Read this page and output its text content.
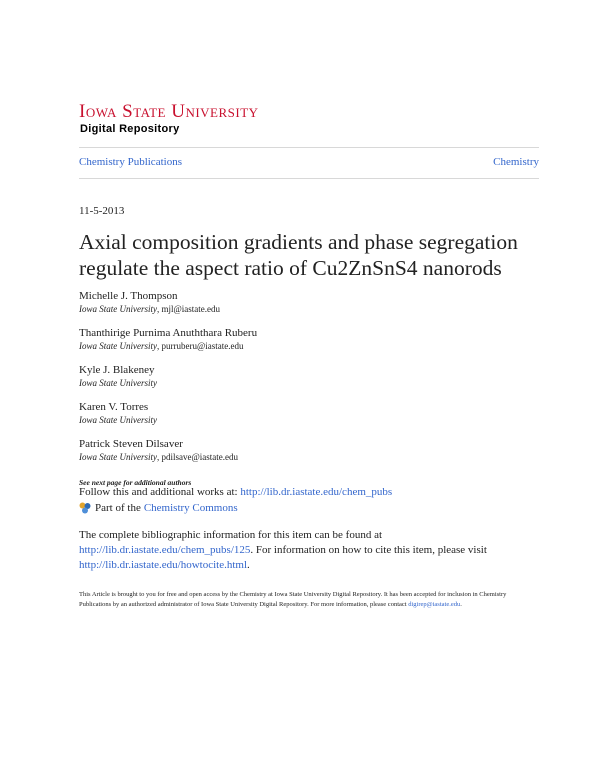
Iowa State University
Digital Repository
Chemistry Publications	Chemistry
11-5-2013
Axial composition gradients and phase segregation regulate the aspect ratio of Cu2ZnSnS4 nanorods
Michelle J. Thompson
Iowa State University, mjl@iastate.edu
Thanthirige Purnima Anuththara Ruberu
Iowa State University, purruberu@iastate.edu
Kyle J. Blakeney
Iowa State University
Karen V. Torres
Iowa State University
Patrick Steven Dilsaver
Iowa State University, pdilsave@iastate.edu
See next page for additional authors
Follow this and additional works at: http://lib.dr.iastate.edu/chem_pubs
Part of the Chemistry Commons
The complete bibliographic information for this item can be found at http://lib.dr.iastate.edu/chem_pubs/125. For information on how to cite this item, please visit http://lib.dr.iastate.edu/howtocite.html.
This Article is brought to you for free and open access by the Chemistry at Iowa State University Digital Repository. It has been accepted for inclusion in Chemistry Publications by an authorized administrator of Iowa State University Digital Repository. For more information, please contact digirep@iastate.edu.
